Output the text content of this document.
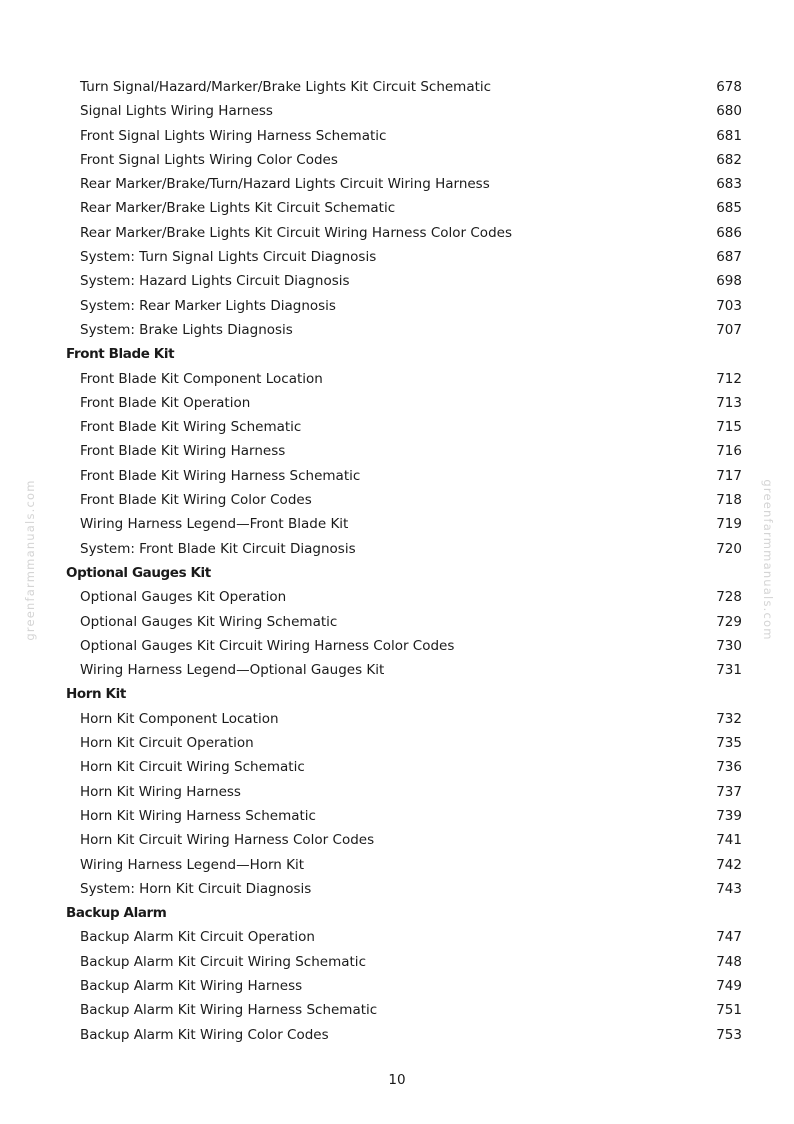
Turn Signal/Hazard/Marker/Brake Lights Kit Circuit Schematic	678
Signal Lights Wiring Harness	680
Front Signal Lights Wiring Harness Schematic	681
Front Signal Lights Wiring Color Codes	682
Rear Marker/Brake/Turn/Hazard Lights Circuit Wiring Harness	683
Rear Marker/Brake Lights Kit Circuit Schematic	685
Rear Marker/Brake Lights Kit Circuit Wiring Harness Color Codes	686
System: Turn Signal Lights Circuit Diagnosis	687
System: Hazard Lights Circuit Diagnosis	698
System: Rear Marker Lights Diagnosis	703
System: Brake Lights Diagnosis	707
Front Blade Kit
Front Blade Kit Component Location	712
Front Blade Kit Operation	713
Front Blade Kit Wiring Schematic	715
Front Blade Kit Wiring Harness	716
Front Blade Kit Wiring Harness Schematic	717
Front Blade Kit Wiring Color Codes	718
Wiring Harness Legend—Front Blade Kit	719
System: Front Blade Kit Circuit Diagnosis	720
Optional Gauges Kit
Optional Gauges Kit Operation	728
Optional Gauges Kit Wiring Schematic	729
Optional Gauges Kit Circuit Wiring Harness Color Codes	730
Wiring Harness Legend—Optional Gauges Kit	731
Horn Kit
Horn Kit Component Location	732
Horn Kit Circuit Operation	735
Horn Kit Circuit Wiring Schematic	736
Horn Kit Wiring Harness	737
Horn Kit Wiring Harness Schematic	739
Horn Kit Circuit Wiring Harness Color Codes	741
Wiring Harness Legend—Horn Kit	742
System: Horn Kit Circuit Diagnosis	743
Backup Alarm
Backup Alarm Kit Circuit Operation	747
Backup Alarm Kit Circuit Wiring Schematic	748
Backup Alarm Kit Wiring Harness	749
Backup Alarm Kit Wiring Harness Schematic	751
Backup Alarm Kit Wiring Color Codes	753
greenfarmmanuals.com	greenfarmmanuals.com
10
